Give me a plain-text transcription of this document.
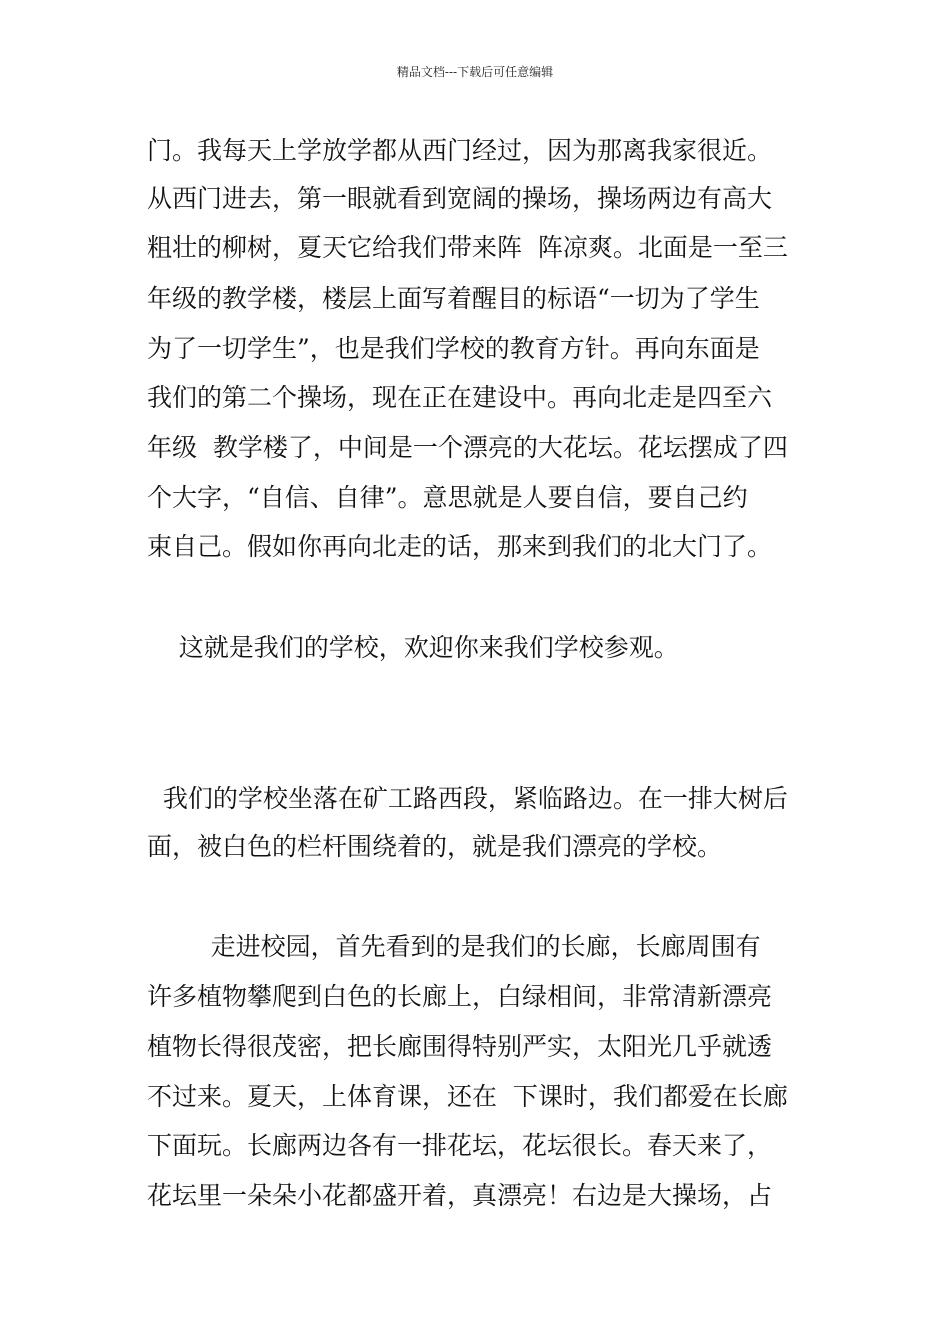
精品文档---下载后可任意编辑
门。我每天上学放学都从西门经过，因为那离我家很近。
从西门进去，第一眼就看到宽阔的操场，操场两边有高大
粗壮的柳树，夏天它给我们带来阵  阵凉爽。北面是一至三
年级的教学楼，楼层上面写着醒目的标语“一切为了学生
为了一切学生”，也是我们学校的教育方针。再向东面是
我们的第二个操场，现在正在建设中。再向北走是四至六
年级  教学楼了，中间是一个漂亮的大花坛。花坛摆成了四
个大字，“自信、自律”。意思就是人要自信，要自己约
束自己。假如你再向北走的话，那来到我们的北大门了。
这就是我们的学校，欢迎你来我们学校参观。
我们的学校坐落在矿工路西段，紧临路边。在一排大树后
面，被白色的栏杆围绕着的，就是我们漂亮的学校。
走进校园，首先看到的是我们的长廊，长廊周围有
许多植物攀爬到白色的长廊上，白绿相间，非常清新漂亮
植物长得很茂密，把长廊围得特别严实，太阳光几乎就透
不过来。夏天，上体育课，还在  下课时，我们都爱在长廊
下面玩。长廊两边各有一排花坛，花坛很长。春天来了，
花坛里一朵朵小花都盛开着，真漂亮！右边是大操场，占
